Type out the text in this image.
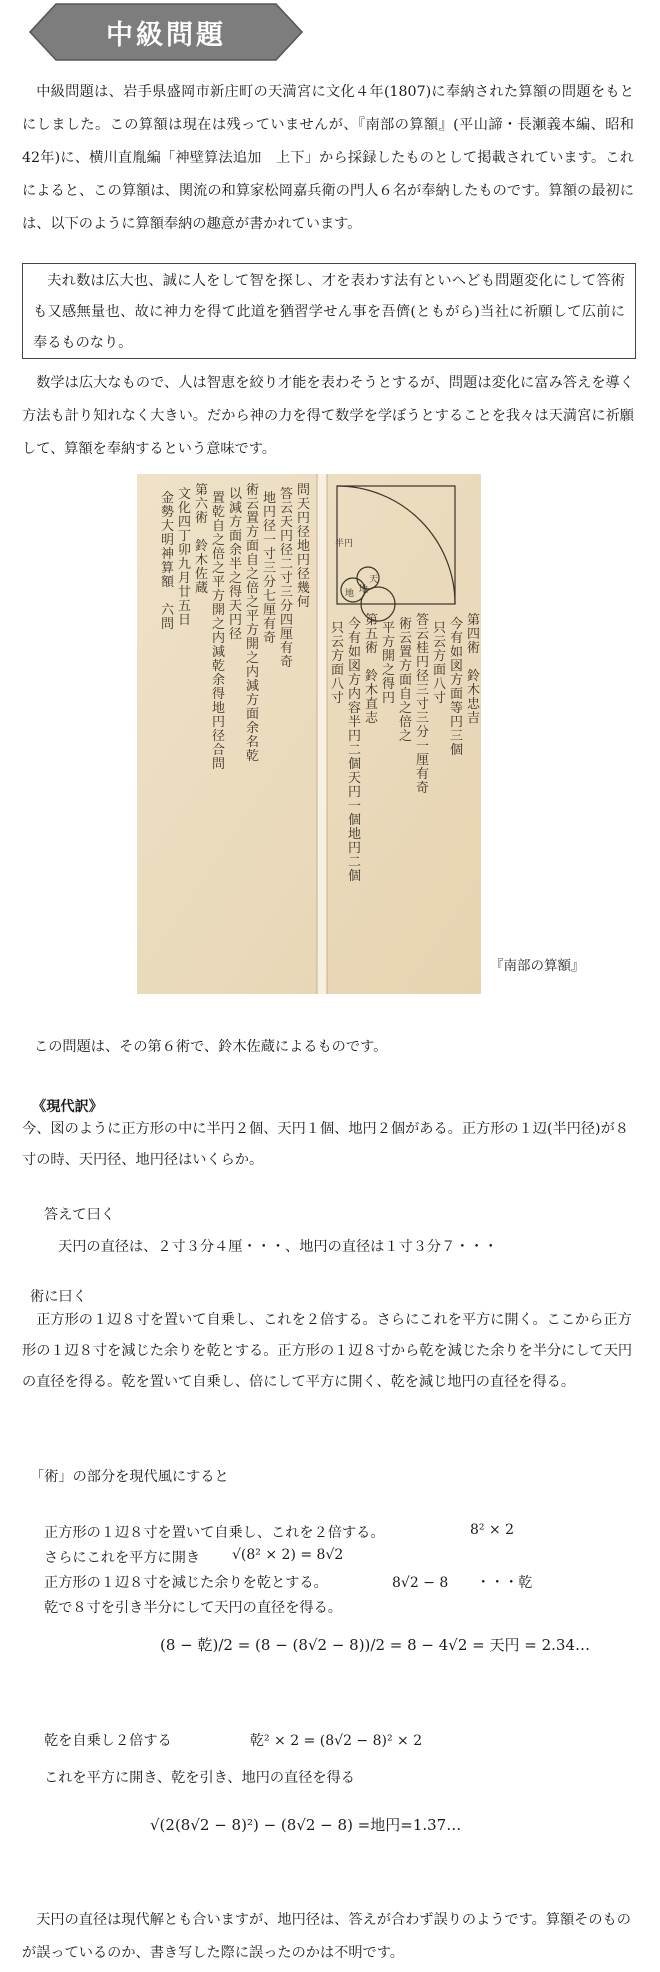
中級問題

中級問題は、岩手県盛岡市新庄町の天満宮に文化４年(1807)に奉納された算額の問題をもとにしました。この算額は現在は残っていませんが、『南部の算額』(平山諦・長瀬義本編、昭和42年)に、横川直胤編「神壁算法追加　上下」から採録したものとして掲載されています。これによると、この算額は、関流の和算家松岡嘉兵衛の門人６名が奉納したものです。算額の最初には、以下のように算額奉納の趣意が書かれています。

夫れ数は広大也、誠に人をして智を探し、才を表わす法有といへども問題変化にして答術も又感無量也、故に神力を得て此道を猶習学せん事を吾儕(ともがら)当社に祈願して広前に奉るものなり。

数学は広大なもので、人は智恵を絞り才能を表わそうとするが、問題は変化に富み答えを導く方法も計り知れなく大きい。だから神の力を得て数学を学ぼうとすることを我々は天満宮に祈願して、算額を奉納するという意味です。

問天円径地円径幾何
答云天円径二寸三分四厘有奇
地円径一寸三分七厘有奇
術云置方面自之倍之平方開之内減方面余名乾
以減方面余半之得天円径
置乾自之倍之平方開之内減乾余得地円径合問
第六術 鈴木佐蔵
文化四丁卯九月廿五日
金勢大明神算額 六問	第四術 鈴木忠吉
今有如図方面等円三個
只云方面八寸
答云桂円径三寸三分一厘有奇
術云置方面自之倍之
平方開之得円
第五術 鈴木直志
今有如図方内容半円二個天円一個地円二個
只云方面八寸
半円
天
地
地
『南部の算額』

この問題は、その第６術で、鈴木佐蔵によるものです。

《現代訳》

今、図のように正方形の中に半円２個、天円１個、地円２個がある。正方形の１辺(半円径)が８寸の時、天円径、地円径はいくらか。

答えて曰く

天円の直径は、２寸３分４厘・・・、地円の直径は１寸３分７・・・

術に曰く

正方形の１辺８寸を置いて自乗し、これを２倍する。さらにこれを平方に開く。ここから正方形の１辺８寸を減じた余りを乾とする。正方形の１辺８寸から乾を減じた余りを半分にして天円の直径を得る。乾を置いて自乗し、倍にして平方に開く、乾を減じ地円の直径を得る。

「術」の部分を現代風にすると

正方形の１辺８寸を置いて自乗し、これを２倍する。	8² × 2

さらにこれを平方に開き √(8² × 2) = 8√2

正方形の１辺８寸を減じた余りを乾とする。	8√2 − 8　　・・・乾

乾で８寸を引き半分にして天円の直径を得る。

(8 − 乾)/2 = (8 − (8√2 − 8))/2 = 8 − 4√2 = 天円 = 2.34…

乾を自乗し２倍する	乾² × 2 = (8√2 − 8)² × 2

これを平方に開き、乾を引き、地円の直径を得る

√(2(8√2 − 8)²) − (8√2 − 8) =地円=1.37…

天円の直径は現代解とも合いますが、地円径は、答えが合わず誤りのようです。算額そのものが誤っているのか、書き写した際に誤ったのかは不明です。
